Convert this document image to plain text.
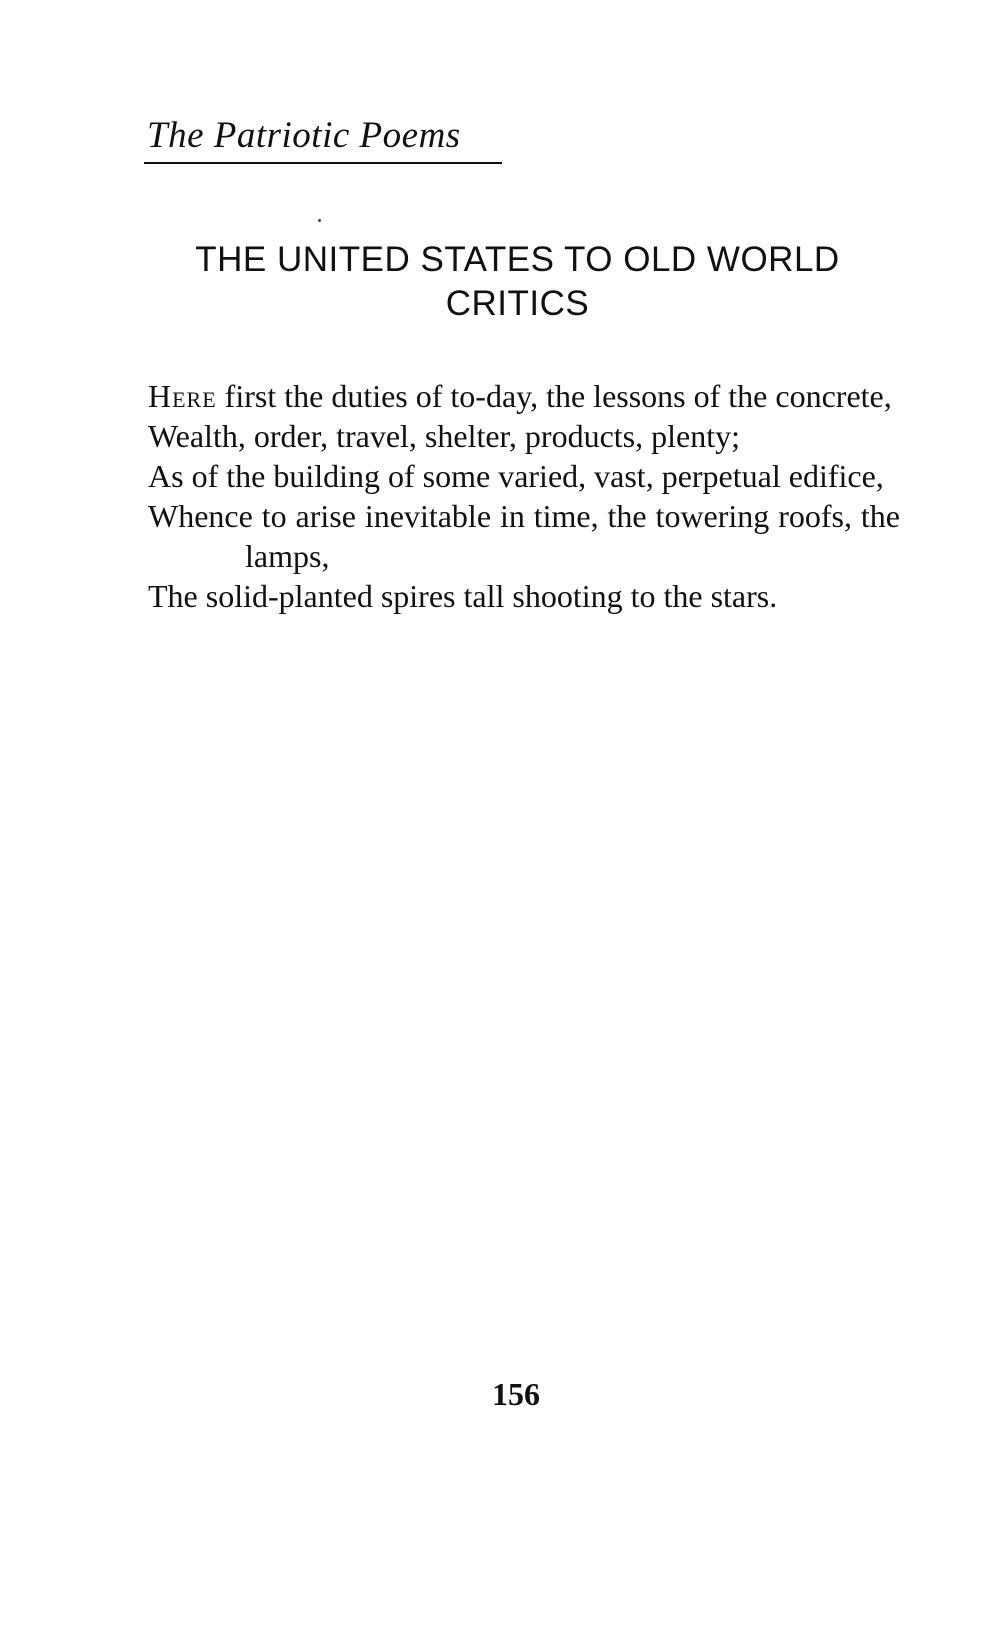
The Patriotic Poems
THE UNITED STATES TO OLD WORLD
CRITICS

Here first the duties of to-day, the lessons of the concrete,

Wealth, order, travel, shelter, products, plenty;

As of the building of some varied, vast, perpetual edifice,

Whence to arise inevitable in time, the towering roofs, the lamps,

The solid-planted spires tall shooting to the stars.

156
